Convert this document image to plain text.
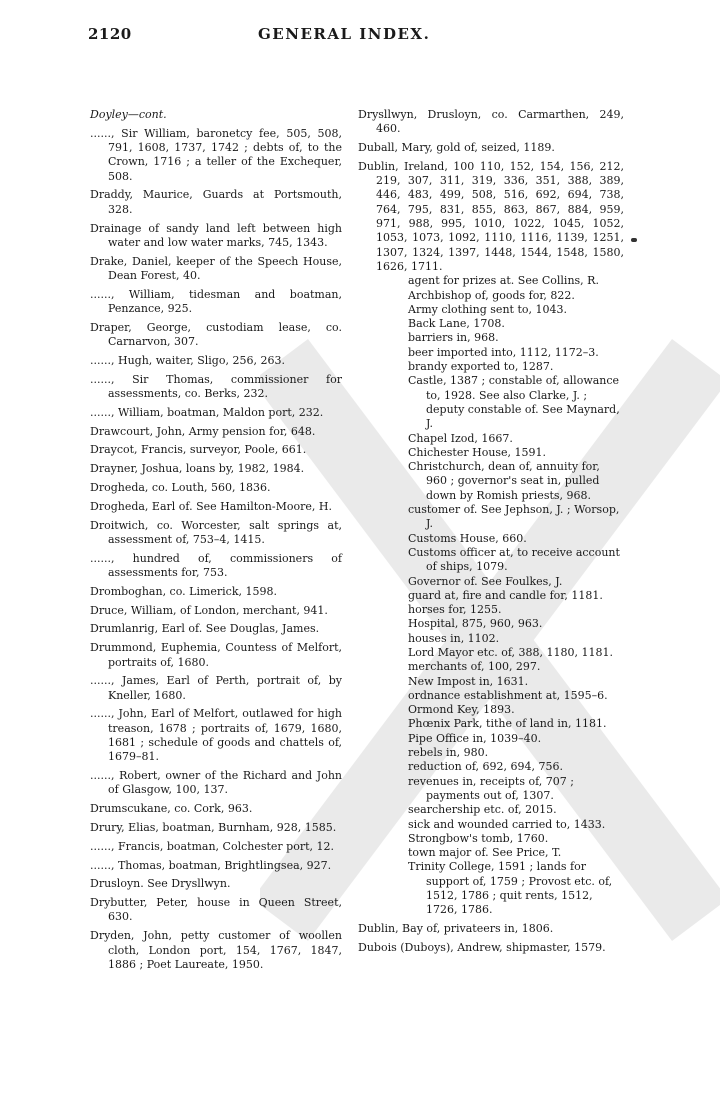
2120	GENERAL INDEX.

Doyley—cont.

......, Sir William, baronetcy fee, 505, 508, 791, 1608, 1737, 1742 ; debts of, to the Crown, 1716 ; a teller of the Exchequer, 508.

Draddy, Maurice, Guards at Portsmouth, 328.

Drainage of sandy land left between high water and low water marks, 745, 1343.

Drake, Daniel, keeper of the Speech House, Dean Forest, 40.

......, William, tidesman and boatman, Penzance, 925.

Draper, George, custodiam lease, co. Carnarvon, 307.

......, Hugh, waiter, Sligo, 256, 263.

......, Sir Thomas, commissioner for assessments, co. Berks, 232.

......, William, boatman, Maldon port, 232.

Drawcourt, John, Army pension for, 648.

Draycot, Francis, surveyor, Poole, 661.

Drayner, Joshua, loans by, 1982, 1984.

Drogheda, co. Louth, 560, 1836.

Drogheda, Earl of. See Hamilton-Moore, H.

Droitwich, co. Worcester, salt springs at, assessment of, 753–4, 1415.

......, hundred of, commissioners of assessments for, 753.

Dromboghan, co. Limerick, 1598.

Druce, William, of London, merchant, 941.

Drumlanrig, Earl of. See Douglas, James.

Drummond, Euphemia, Countess of Melfort, portraits of, 1680.

......, James, Earl of Perth, portrait of, by Kneller, 1680.

......, John, Earl of Melfort, outlawed for high treason, 1678 ; portraits of, 1679, 1680, 1681 ; schedule of goods and chattels of, 1679–81.

......, Robert, owner of the Richard and John of Glasgow, 100, 137.

Drumscukane, co. Cork, 963.

Drury, Elias, boatman, Burnham, 928, 1585.

......, Francis, boatman, Colchester port, 12.

......, Thomas, boatman, Brightlingsea, 927.

Drusloyn. See Drysllwyn.

Drybutter, Peter, house in Queen Street, 630.

Dryden, John, petty customer of woollen cloth, London port, 154, 1767, 1847, 1886 ; Poet Laureate, 1950.

Drysllwyn, Drusloyn, co. Carmarthen, 249, 460.

Duball, Mary, gold of, seized, 1189.

Dublin, Ireland, 100 110, 152, 154, 156, 212, 219, 307, 311, 319, 336, 351, 388, 389, 446, 483, 499, 508, 516, 692, 694, 738, 764, 795, 831, 855, 863, 867, 884, 959, 971, 988, 995, 1010, 1022, 1045, 1052, 1053, 1073, 1092, 1110, 1116, 1139, 1251, 1307, 1324, 1397, 1448, 1544, 1548, 1580, 1626, 1711.

agent for prizes at. See Collins, R.

Archbishop of, goods for, 822.

Army clothing sent to, 1043.

Back Lane, 1708.

barriers in, 968.

beer imported into, 1112, 1172–3.

brandy exported to, 1287.

Castle, 1387 ; constable of, allowance to, 1928. See also Clarke, J. ; deputy constable of. See Maynard, J.

Chapel Izod, 1667.

Chichester House, 1591.

Christchurch, dean of, annuity for, 960 ; governor's seat in, pulled down by Romish priests, 968.

customer of. See Jephson, J. ; Worsop, J.

Customs House, 660.

Customs officer at, to receive account of ships, 1079.

Governor of. See Foulkes, J.

guard at, fire and candle for, 1181.

horses for, 1255.

Hospital, 875, 960, 963.

houses in, 1102.

Lord Mayor etc. of, 388, 1180, 1181.

merchants of, 100, 297.

New Impost in, 1631.

ordnance establishment at, 1595–6.

Ormond Key, 1893.

Phœnix Park, tithe of land in, 1181.

Pipe Office in, 1039–40.

rebels in, 980.

reduction of, 692, 694, 756.

revenues in, receipts of, 707 ; payments out of, 1307.

searchership etc. of, 2015.

sick and wounded carried to, 1433.

Strongbow's tomb, 1760.

town major of. See Price, T.

Trinity College, 1591 ; lands for support of, 1759 ; Provost etc. of, 1512, 1786 ; quit rents, 1512, 1726, 1786.

Dublin, Bay of, privateers in, 1806.

Dubois (Duboys), Andrew, shipmaster, 1579.
